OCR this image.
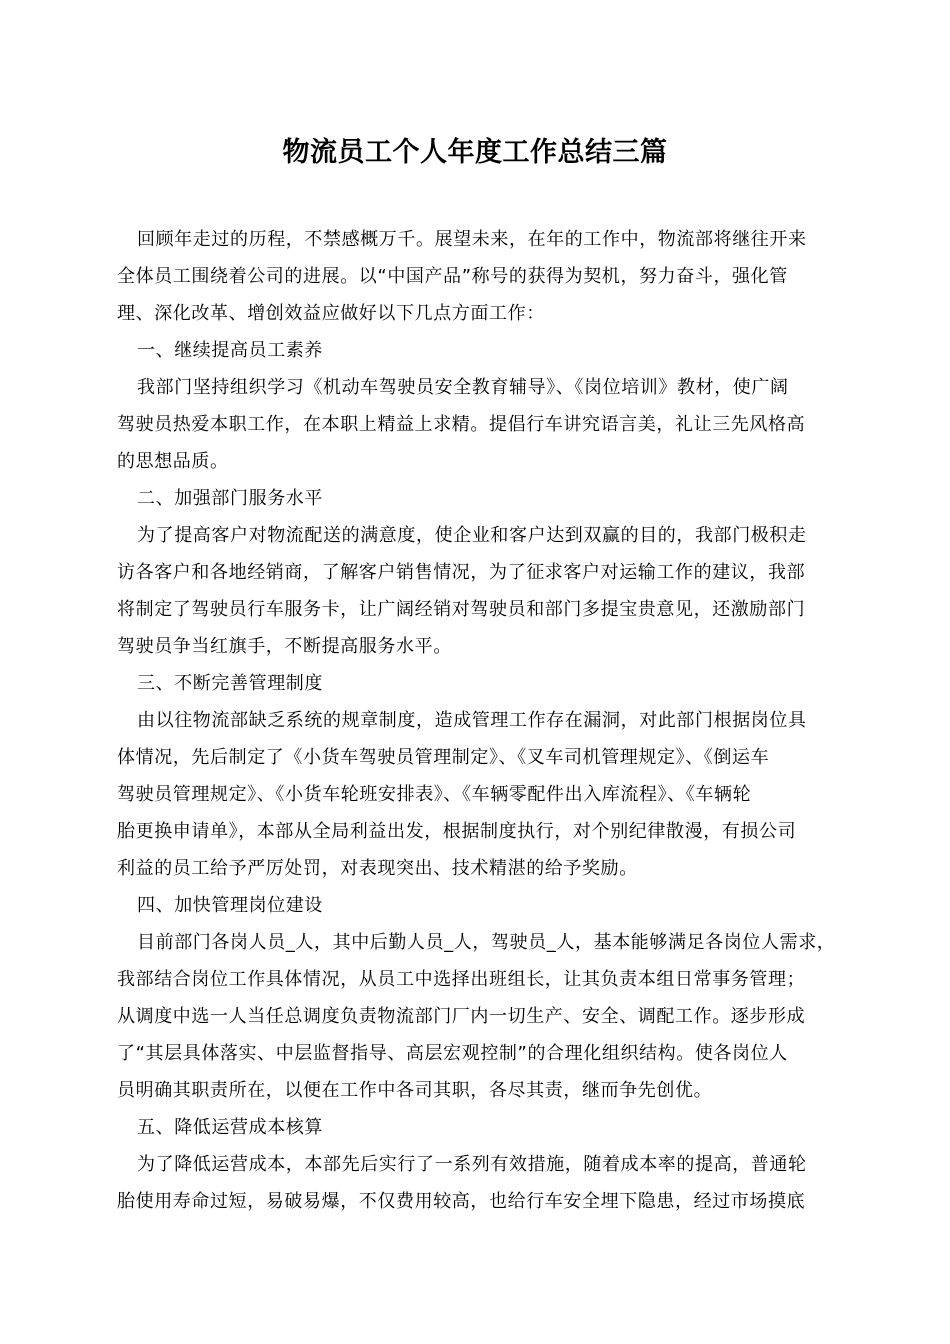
物流员工个人年度工作总结三篇
回顾年走过的历程，不禁感概万千。展望未来，在年的工作中，物流部将继往开来
全体员工围绕着公司的进展。以“中国产品”称号的获得为契机，努力奋斗，强化管
理、深化改革、增创效益应做好以下几点方面工作：
一、继续提高员工素养
我部门坚持组织学习《机动车驾驶员安全教育辅导》、《岗位培训》教材，使广阔
驾驶员热爱本职工作，在本职上精益上求精。提倡行车讲究语言美，礼让三先风格高
的思想品质。
二、加强部门服务水平
为了提高客户对物流配送的满意度，使企业和客户达到双赢的目的，我部门极积走
访各客户和各地经销商，了解客户销售情况，为了征求客户对运输工作的建议，我部
将制定了驾驶员行车服务卡，让广阔经销对驾驶员和部门多提宝贵意见，还激励部门
驾驶员争当红旗手，不断提高服务水平。
三、不断完善管理制度
由以往物流部缺乏系统的规章制度，造成管理工作存在漏洞，对此部门根据岗位具
体情况，先后制定了《小货车驾驶员管理制定》、《叉车司机管理规定》、《倒运车
驾驶员管理规定》、《小货车轮班安排表》、《车辆零配件出入库流程》、《车辆轮
胎更换申请单》，本部从全局利益出发，根据制度执行，对个别纪律散漫，有损公司
利益的员工给予严厉处罚，对表现突出、技术精湛的给予奖励。
四、加快管理岗位建设
目前部门各岗人员_人，其中后勤人员_人，驾驶员_人，基本能够满足各岗位人需求，
我部结合岗位工作具体情况，从员工中选择出班组长，让其负责本组日常事务管理；
从调度中选一人当任总调度负责物流部门厂内一切生产、安全、调配工作。逐步形成
了“其层具体落实、中层监督指导、高层宏观控制”的合理化组织结构。使各岗位人
员明确其职责所在，以便在工作中各司其职，各尽其责，继而争先创优。
五、降低运营成本核算
为了降低运营成本，本部先后实行了一系列有效措施，随着成本率的提高，普通轮
胎使用寿命过短，易破易爆，不仅费用较高，也给行车安全埋下隐患，经过市场摸底
